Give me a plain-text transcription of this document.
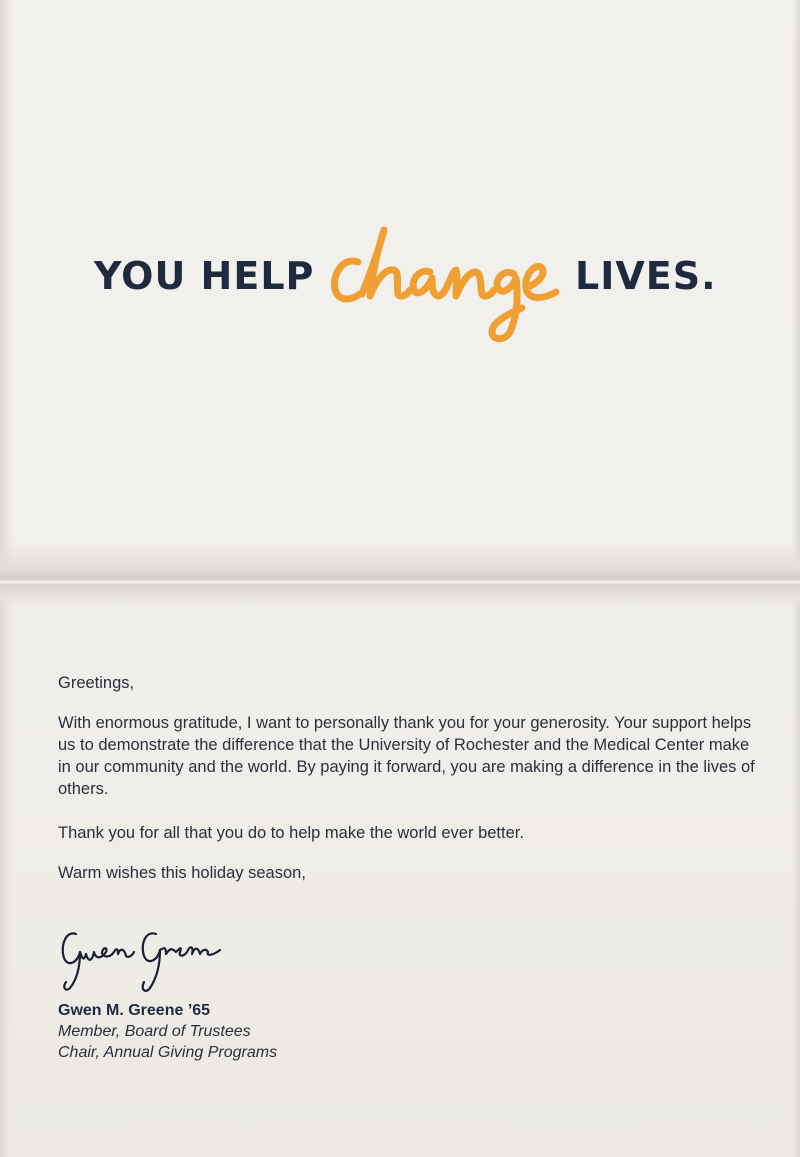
YOU HELP	LIVES.

Greetings,

With enormous gratitude, I want to personally thank you for your generosity. Your support helps us to demonstrate the difference that the University of Rochester and the Medical Center make in our community and the world. By paying it forward, you are making a difference in the lives of others.

Thank you for all that you do to help make the world ever better.

Warm wishes this holiday season,

Gwen M. Greene ’65
Member, Board of Trustees
Chair, Annual Giving Programs
